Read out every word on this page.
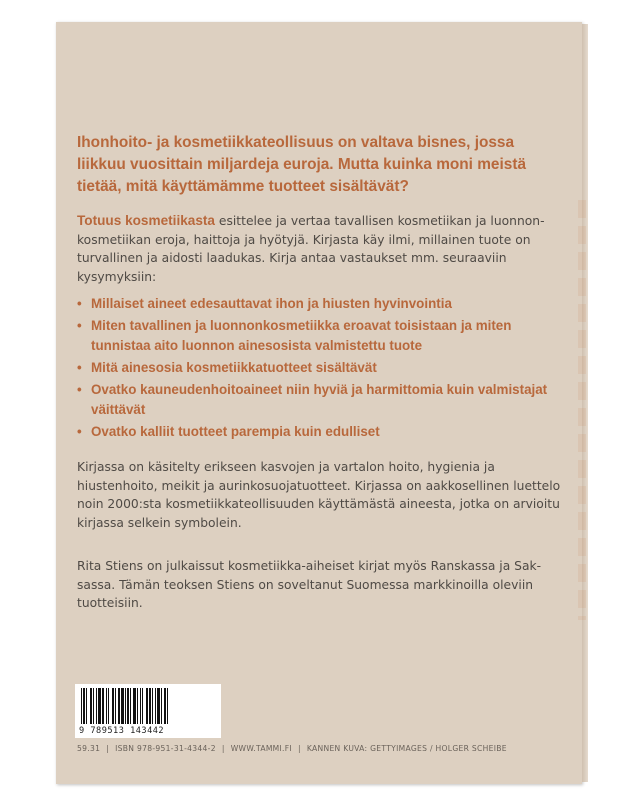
Ihonhoito- ja kosmetiikkateollisuus on valtava bisnes, jossa liikkuu vuosittain miljardeja euroja. Mutta kuinka moni meistä tietää, mitä käyttämämme tuotteet sisältävät?

Totuus kosmetiikasta esittelee ja vertaa tavallisen kosmetiikan ja luonnonkosmetiikan eroja, haittoja ja hyötyjä. Kirjasta käy ilmi, millainen tuote on turvallinen ja aidosti laadukas. Kirja antaa vastaukset mm. seuraaviin kysymyksiin:

• Millaiset aineet edesauttavat ihon ja hiusten hyvinvointia
• Miten tavallinen ja luonnonkosmetiikka eroavat toisistaan ja miten tunnistaa aito luonnon ainesosista valmistettu tuote
• Mitä ainesosia kosmetiikkatuotteet sisältävät
• Ovatko kauneudenhoitoaineet niin hyviä ja harmittomia kuin valmistajat väittävät
• Ovatko kalliit tuotteet parempia kuin edulliset

Kirjassa on käsitelty erikseen kasvojen ja vartalon hoito, hygienia ja hiustenhoito, meikit ja aurinkosuojatuotteet. Kirjassa on aakkosellinen luettelo noin 2000:sta kosmetiikkateollisuuden käyttämästä aineesta, jotka on arvioitu kirjassa selkein symbolein.

Rita Stiens on julkaissut kosmetiikka-aiheiset kirjat myös Ranskassa ja Saksassa. Tämän teoksen Stiens on soveltanut Suomessa markkinoilla oleviin tuotteisiin.

9 789513 143442
59.31 | ISBN 978-951-31-4344-2 | WWW.TAMMI.FI | KANNEN KUVA: GETTYIMAGES / HOLGER SCHEIBE
